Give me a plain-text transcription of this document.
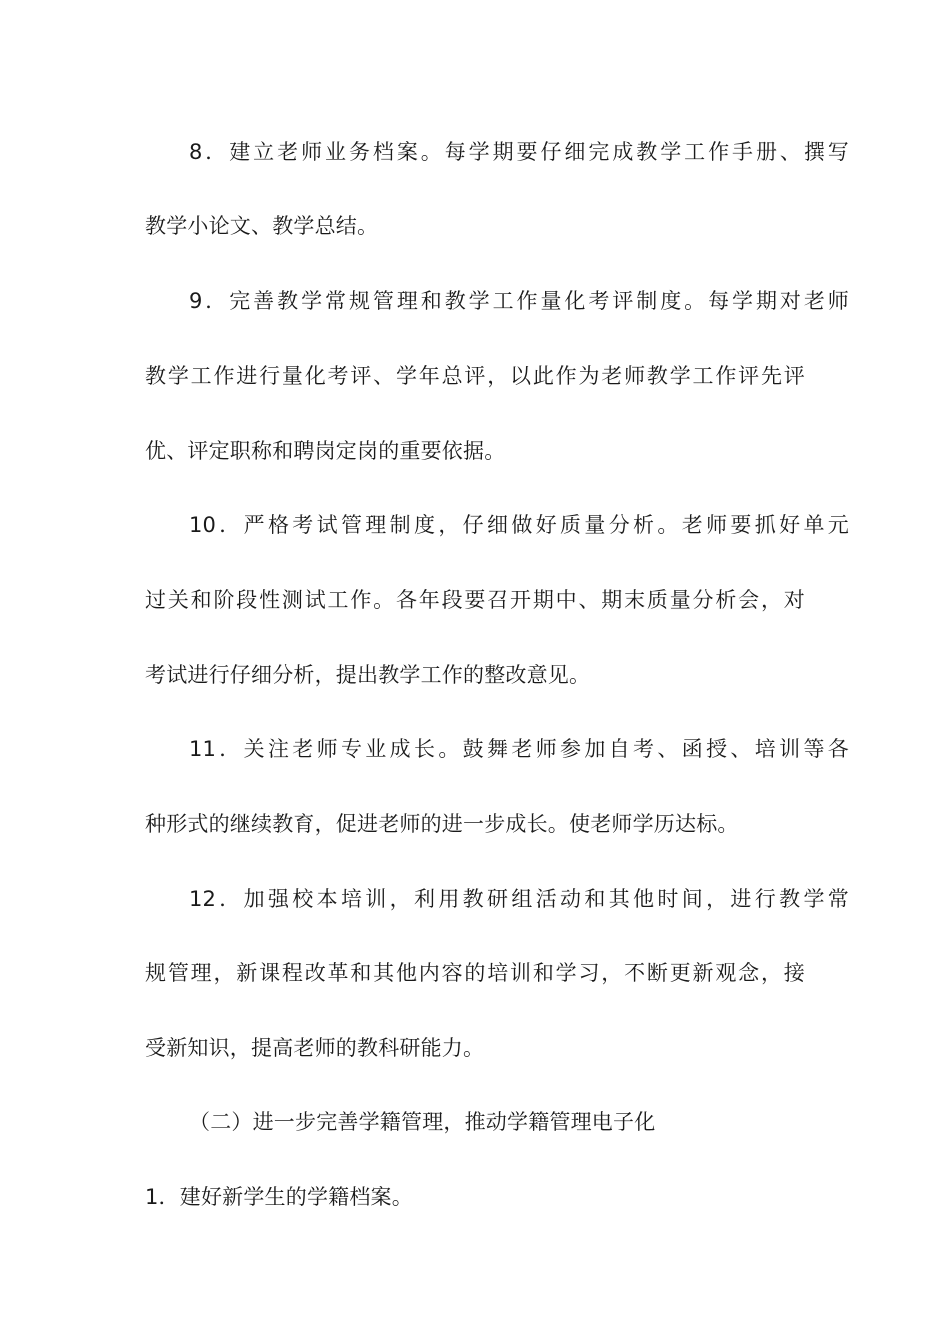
8．建立老师业务档案。每学期要仔细完成教学工作手册、撰写
教学小论文、教学总结。
9．完善教学常规管理和教学工作量化考评制度。每学期对老师
教学工作进行量化考评、学年总评，以此作为老师教学工作评先评
优、评定职称和聘岗定岗的重要依据。
10．严格考试管理制度，仔细做好质量分析。老师要抓好单元
过关和阶段性测试工作。各年段要召开期中、期末质量分析会，对
考试进行仔细分析，提出教学工作的整改意见。
11．关注老师专业成长。鼓舞老师参加自考、函授、培训等各
种形式的继续教育，促进老师的进一步成长。使老师学历达标。
12．加强校本培训，利用教研组活动和其他时间，进行教学常
规管理，新课程改革和其他内容的培训和学习，不断更新观念，接
受新知识，提高老师的教科研能力。
（二）进一步完善学籍管理，推动学籍管理电子化
1．建好新学生的学籍档案。
